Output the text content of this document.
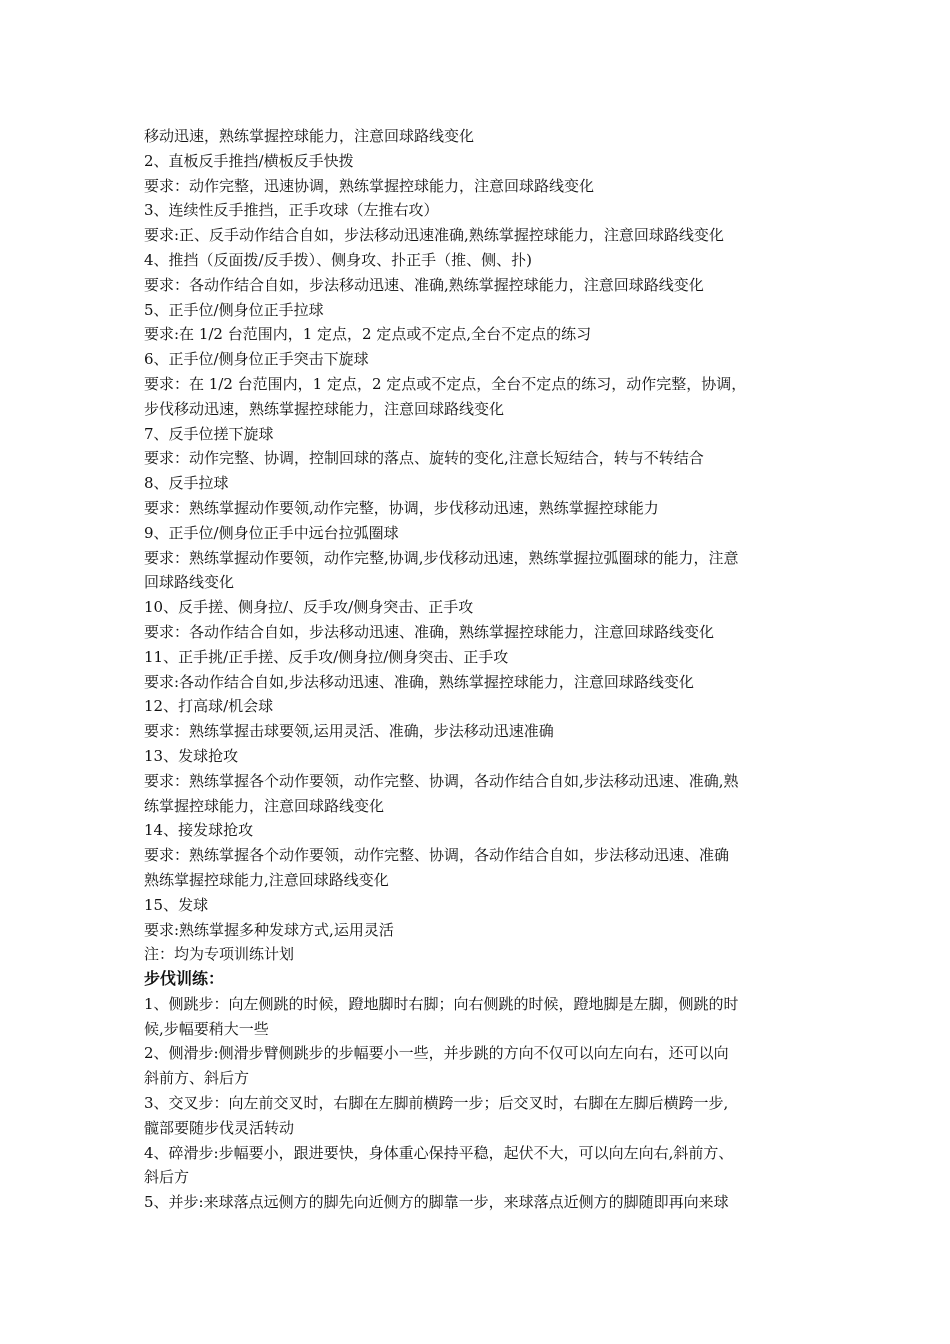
移动迅速，熟练掌握控球能力，注意回球路线变化
2、直板反手推挡/横板反手快拨
要求：动作完整，迅速协调，熟练掌握控球能力，注意回球路线变化
3、连续性反手推挡，正手攻球（左推右攻）
要求:正、反手动作结合自如，步法移动迅速准确,熟练掌握控球能力，注意回球路线变化
4、推挡（反面拨/反手拨）、侧身攻、扑正手（推、侧、扑)
要求：各动作结合自如，步法移动迅速、准确,熟练掌握控球能力，注意回球路线变化
5、正手位/侧身位正手拉球
要求:在 1/2 台范围内，1 定点，2 定点或不定点,全台不定点的练习
6、正手位/侧身位正手突击下旋球
要求：在 1/2 台范围内，1 定点，2 定点或不定点，全台不定点的练习，动作完整，协调，
步伐移动迅速，熟练掌握控球能力，注意回球路线变化
7、反手位搓下旋球
要求：动作完整、协调，控制回球的落点、旋转的变化,注意长短结合，转与不转结合
8、反手拉球
要求：熟练掌握动作要领,动作完整，协调，步伐移动迅速，熟练掌握控球能力
9、正手位/侧身位正手中远台拉弧圈球
要求：熟练掌握动作要领，动作完整,协调,步伐移动迅速，熟练掌握拉弧圈球的能力，注意
回球路线变化
10、反手搓、侧身拉/、反手攻/侧身突击、正手攻
要求：各动作结合自如，步法移动迅速、准确，熟练掌握控球能力，注意回球路线变化
11、正手挑/正手搓、反手攻/侧身拉/侧身突击、正手攻
要求:各动作结合自如,步法移动迅速、准确，熟练掌握控球能力，注意回球路线变化
12、打高球/机会球
要求：熟练掌握击球要领,运用灵活、准确，步法移动迅速准确
13、发球抢攻
要求：熟练掌握各个动作要领，动作完整、协调，各动作结合自如,步法移动迅速、准确,熟
练掌握控球能力，注意回球路线变化
14、接发球抢攻
要求：熟练掌握各个动作要领，动作完整、协调，各动作结合自如，步法移动迅速、准确
熟练掌握控球能力,注意回球路线变化
15、发球
要求:熟练掌握多种发球方式,运用灵活
注：均为专项训练计划
步伐训练：
1、侧跳步：向左侧跳的时候，蹬地脚时右脚；向右侧跳的时候，蹬地脚是左脚，侧跳的时
候,步幅要稍大一些
2、侧滑步:侧滑步臂侧跳步的步幅要小一些，并步跳的方向不仅可以向左向右，还可以向
斜前方、斜后方
3、交叉步：向左前交叉时，右脚在左脚前横跨一步；后交叉时，右脚在左脚后横跨一步,
髋部要随步伐灵活转动
4、碎滑步:步幅要小，跟进要快，身体重心保持平稳，起伏不大，可以向左向右,斜前方、
斜后方
5、并步:来球落点远侧方的脚先向近侧方的脚靠一步，来球落点近侧方的脚随即再向来球
